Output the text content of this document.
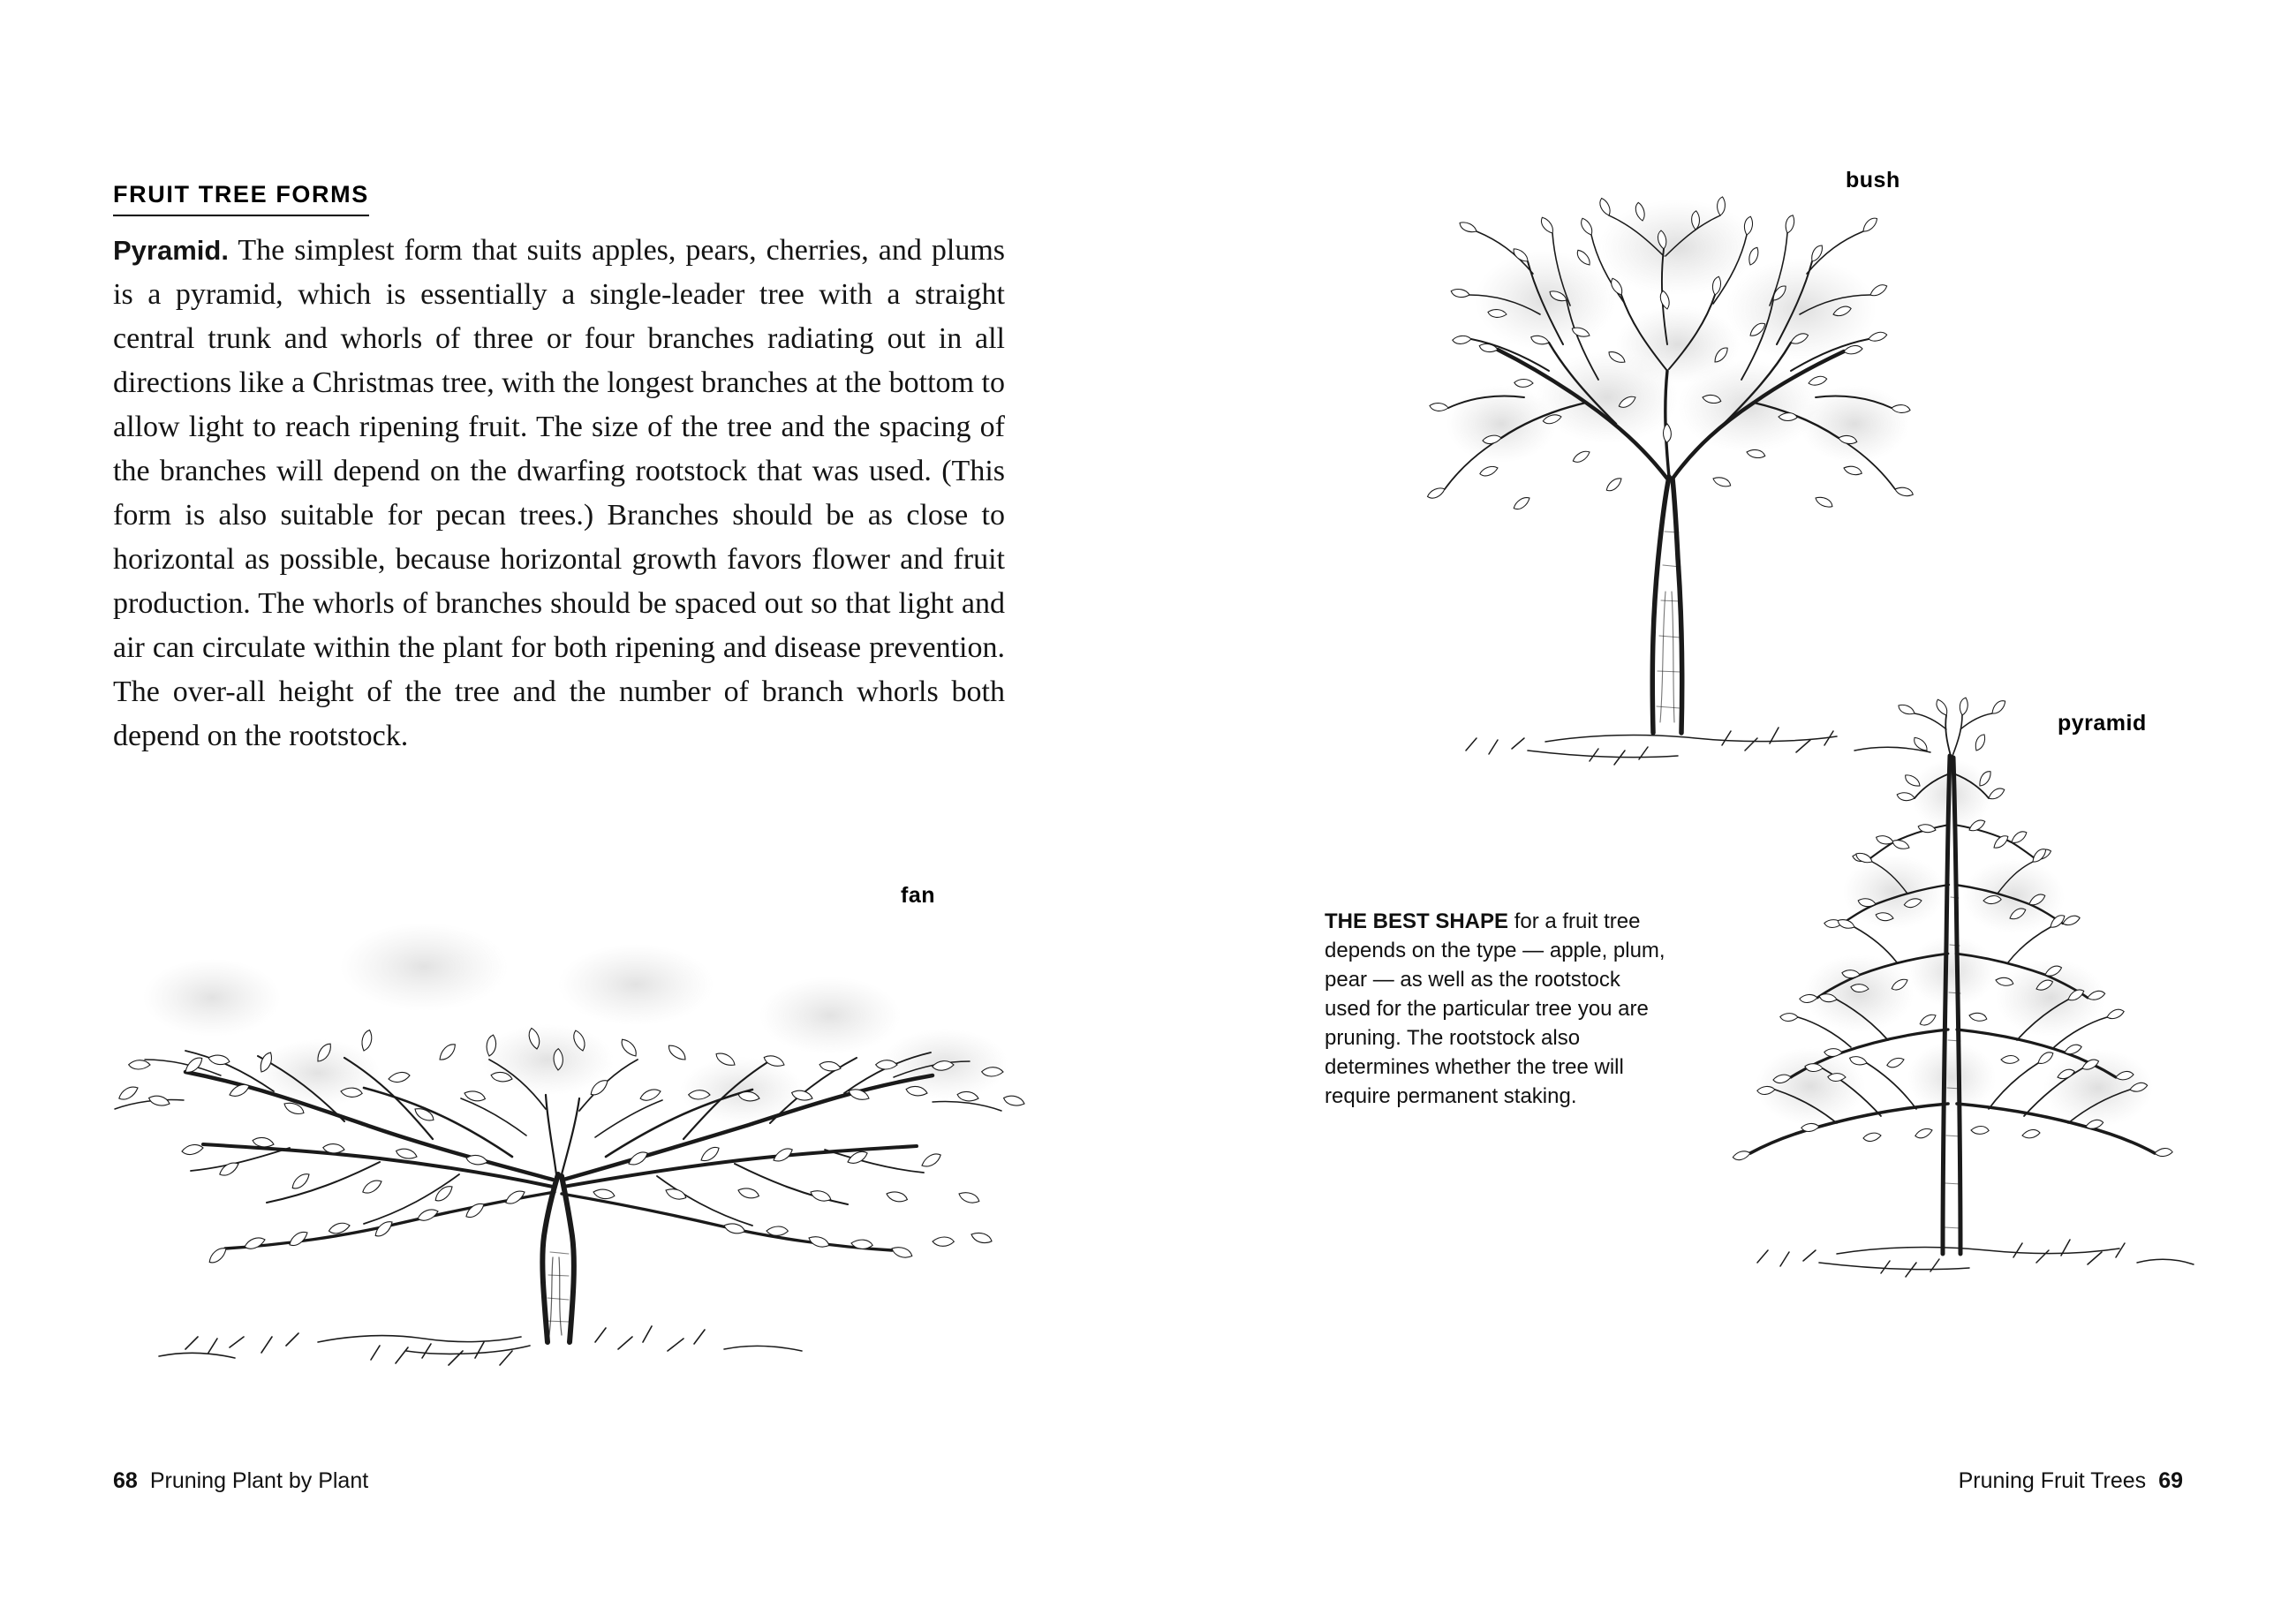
FRUIT TREE FORMS

Pyramid. The simplest form that suits apples, pears, cherries, and plums is a pyramid, which is essentially a single-leader tree with a straight central trunk and whorls of three or four branches radiating out in all directions like a Christmas tree, with the longest branches at the bottom to allow light to reach ripening fruit. The size of the tree and the spacing of the branches will depend on the dwarfing rootstock that was used. (This form is also suitable for pecan trees.) Branches should be as close to horizontal as possible, because horizontal growth favors flower and fruit production. The whorls of branches should be spaced out so that light and air can circulate within the plant for both ripening and disease prevention. The over-all height of the tree and the number of branch whorls both depend on the rootstock.

fan
bush
pyramid

THE BEST SHAPE for a fruit tree depends on the type — apple, plum, pear — as well as the rootstock used for the particular tree you are pruning. The rootstock also determines whether the tree will require permanent staking.

68 Pruning Plant by Plant	Pruning Fruit Trees 69
